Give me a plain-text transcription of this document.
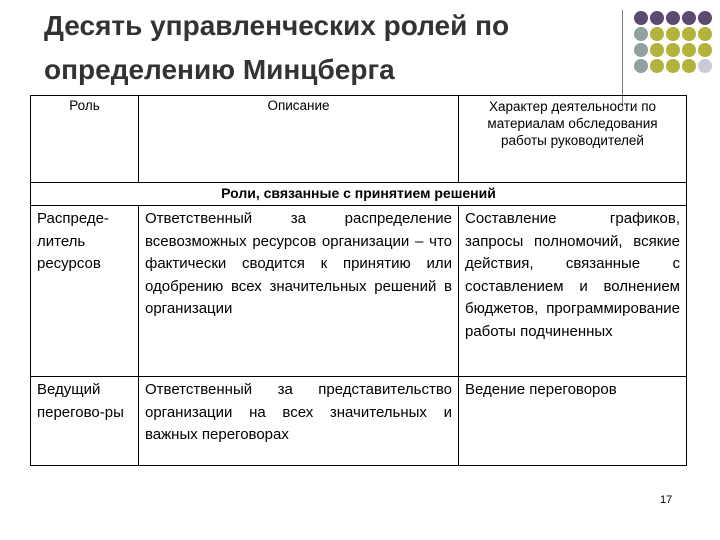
Десять управленческих ролей по
определению Минцберга
Роль	Описание	Характер деятельности по материалам обследования работы руководителей
Роли, связанные с принятием решений		
Распреде-литель ресурсов	Ответственный за распределение всевозможных ресурсов организации – что фактически сводится к принятию или одобрению всех значительных решений в организации	Составление графиков, запросы полномочий, всякие действия, связанные с составлением и волнением бюджетов, программирование работы подчиненных
Ведущий перегово-ры	Ответственный за представительство организации на всех значительных и важных переговорах	Ведение переговоров
17
